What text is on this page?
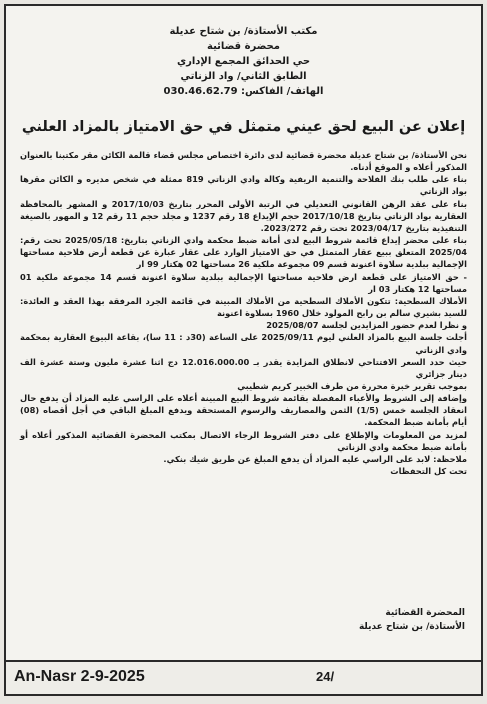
مكتب الأستاذة/ بن شتاح عديلة
محضرة قضائية
حي الحدائق المجمع الإداري
الطابق الثاني/ واد الزناتي
الهاتف/ الفاكس: 030.46.62.79
إعلان عن البيع لحق عيني متمثل في حق الامتياز بالمزاد العلني

نحن الأستاذة/ بن شتاح عديلة محضرة قضائية لدى دائرة اختصاص مجلس قضاء قالمة الكائن مقر مكتبنا بالعنوان المذكور أعلاه و الموقع أدناه.

بناء على طلب بنك الفلاحة والتنمية الريفية وكالة وادي الزناتي 819 ممثلة في شخص مديره و الكائن مقرها بواد الزناتي

بناء على عقد الرهن القانوني التعديلي في الرتبة الأولى المحرر بتاريخ 2017/10/03 و المشهر بالمحافظة العقارية بواد الزناتي بتاريخ 2017/10/18 حجم الإيداع 18 رقم 1237 و مجلد حجم 11 رقم 12 و المهور بالصيغة التنفيذية بتاريخ 2023/04/17 تحت رقم 2023/272.

بناء على محضر إيداع قائمة شروط البيع لدى أمانة ضبط محكمة وادي الزناتي بتاريخ: 2025/05/18 تحت رقم: 2025/04 المتعلق ببيع عقار المتمثل في حق الامتياز الوارد على عقار عبارة عن قطعة أرض فلاحية مساحتها الإجمالية ببلدية سلاوة اعنونة قسم 09 مجموعة ملكية 26 مساحتها 02 هكتار 99 ار

- حق الامتياز على قطعة ارض فلاحية مساحتها الإجمالية ببلدية سلاوة اعنونة قسم 14 مجموعة ملكية 01 مساحتها 12 هكتار 03 ار

الأملاك السطحية: تتكون الأملاك السطحية من الأملاك المبينة في قائمة الجرد المرفقة بهذا العقد و العائدة: للسيد بشيري سالم بن رابح المولود خلال 1960 بسلاوة اعنونة

و نظرا لعدم حضور المزايدين لجلسة 2025/08/07

أجلت جلسة البيع بالمزاد العلني ليوم 2025/09/11 على الساعة (30د : 11 سا)، بقاعة البيوع العقارية بمحكمة وادي الزناتي

حيث حدد السعر الافتتاحي لانطلاق المزايدة يقدر بـ 12.016.000.00 دج اثنا عشرة مليون وستة عشرة الف دينار جزائري

بموجب تقرير خبرة محررة من طرف الخبير كريم شطيبي

وإضافة إلى الشروط والأعباء المفصلة بقائمة شروط البيع المبينة أعلاه على الراسي عليه المزاد أن يدفع حال انعقاد الجلسة خمس (1/5) الثمن والمصاريف والرسوم المستحقة ويدفع المبلغ الباقي في أجل أقصاه (08) أيام بأمانة ضبط المحكمة.

لمزيد من المعلومات والإطلاع على دفتر الشروط الرجاء الاتصال بمكتب المحضرة القضائية المذكور أعلاه أو بأمانة ضبط محكمة وادي الزناتي

ملاحظة: لابد على الراسي عليه المزاد أن يدفع المبلغ عن طريق شيك بنكي.

تحت كل التحفظات

المحضرة القضائية
الأستاذة/ بن شتاح عديلة
An-Nasr 2-9-2025	24/
